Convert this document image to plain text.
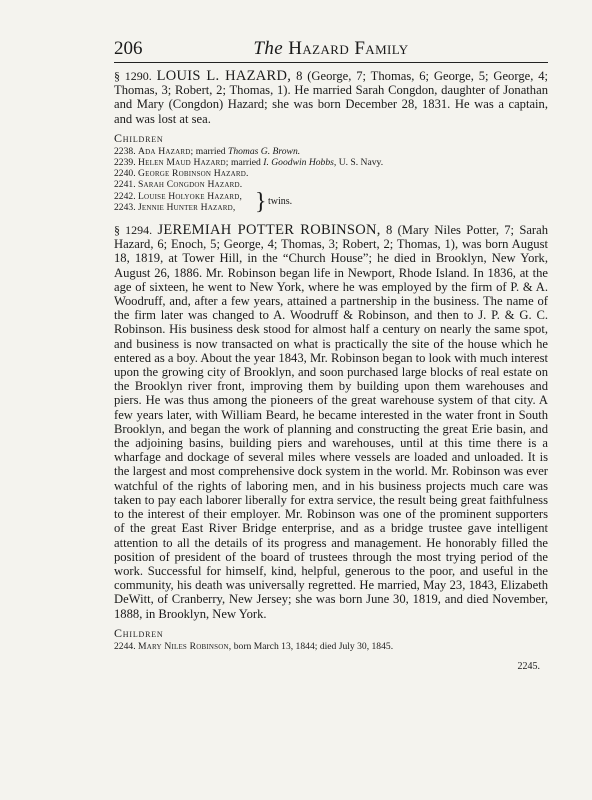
206	The Hazard Family
§ 1290. LOUIS L. HAZARD, 8 (George, 7; Thomas, 6; George, 5; George, 4; Thomas, 3; Robert, 2; Thomas, 1). He married Sarah Congdon, daughter of Jonathan and Mary (Congdon) Hazard; she was born December 28, 1831. He was a captain, and was lost at sea.
Children
2238. Ada Hazard; married Thomas G. Brown.
2239. Helen Maud Hazard; married I. Goodwin Hobbs, U. S. Navy.
2240. George Robinson Hazard.
2241. Sarah Congdon Hazard.
2242. Louise Holyoke Hazard,
2243. Jennie Hunter Hazard, } twins.
§ 1294. JEREMIAH POTTER ROBINSON, 8 (Mary Niles Potter, 7; Sarah Hazard, 6; Enoch, 5; George, 4; Thomas, 3; Robert, 2; Thomas, 1), was born August 18, 1819, at Tower Hill, in the “Church House”; he died in Brooklyn, New York, August 26, 1886. Mr. Robinson began life in Newport, Rhode Island. In 1836, at the age of sixteen, he went to New York, where he was employed by the firm of P. & A. Woodruff, and, after a few years, attained a partnership in the business. The name of the firm later was changed to A. Woodruff & Robinson, and then to J. P. & G. C. Robinson. His business desk stood for almost half a century on nearly the same spot, and business is now transacted on what is practically the site of the house which he entered as a boy. About the year 1843, Mr. Robinson began to look with much interest upon the growing city of Brooklyn, and soon purchased large blocks of real estate on the Brooklyn river front, improving them by building upon them warehouses and piers. He was thus among the pioneers of the great warehouse system of that city. A few years later, with William Beard, he became interested in the water front in South Brooklyn, and began the work of planning and constructing the great Erie basin, and the adjoining basins, building piers and warehouses, until at this time there is a wharfage and dockage of several miles where vessels are loaded and unloaded. It is the largest and most comprehensive dock system in the world. Mr. Robinson was ever watchful of the rights of laboring men, and in his business projects much care was taken to pay each laborer liberally for extra service, the result being great faithfulness to the interest of their employer. Mr. Robinson was one of the prominent supporters of the great East River Bridge enterprise, and as a bridge trustee gave intelligent attention to all the details of its progress and management. He honorably filled the position of president of the board of trustees through the most trying period of the work. Successful for himself, kind, helpful, generous to the poor, and useful in the community, his death was universally regretted. He married, May 23, 1843, Elizabeth DeWitt, of Cranberry, New Jersey; she was born June 30, 1819, and died November, 1888, in Brooklyn, New York.
Children
2244. Mary Niles Robinson, born March 13, 1844; died July 30, 1845.
2245.
